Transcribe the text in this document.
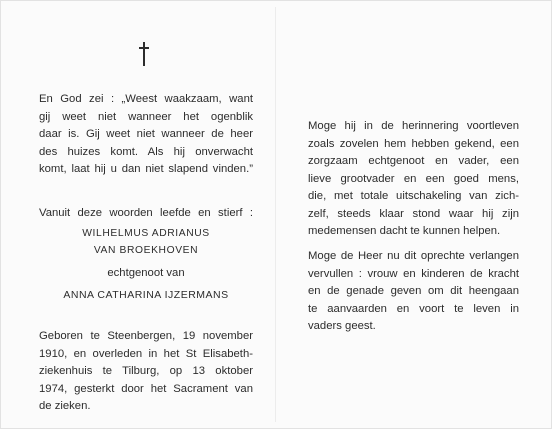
En God zei : „Weest waakzaam, want
gij weet niet wanneer het ogenblik
daar is. Gij weet niet wanneer de heer
des huizes komt. Als hij onverwacht
komt, laat hij u dan niet slapend vinden.”
Vanuit deze woorden leefde en stierf :
WILHELMUS ADRIANUS
VAN BROEKHOVEN
echtgenoot van
ANNA CATHARINA IJZERMANS
Geboren te Steenbergen, 19 november
1910, en overleden in het St Elisabeth-
ziekenhuis te Tilburg, op 13 oktober
1974, gesterkt door het Sacrament van
de zieken.
Moge hij in de herinnering voortleven
zoals zovelen hem hebben gekend, een
zorgzaam echtgenoot en vader, een
lieve grootvader en een goed mens,
die, met totale uitschakeling van zich-
zelf, steeds klaar stond waar hij zijn
medemensen dacht te kunnen helpen.
Moge de Heer nu dit oprechte verlangen
vervullen : vrouw en kinderen de kracht
en de genade geven om dit heengaan
te aanvaarden en voort te leven in
vaders geest.
